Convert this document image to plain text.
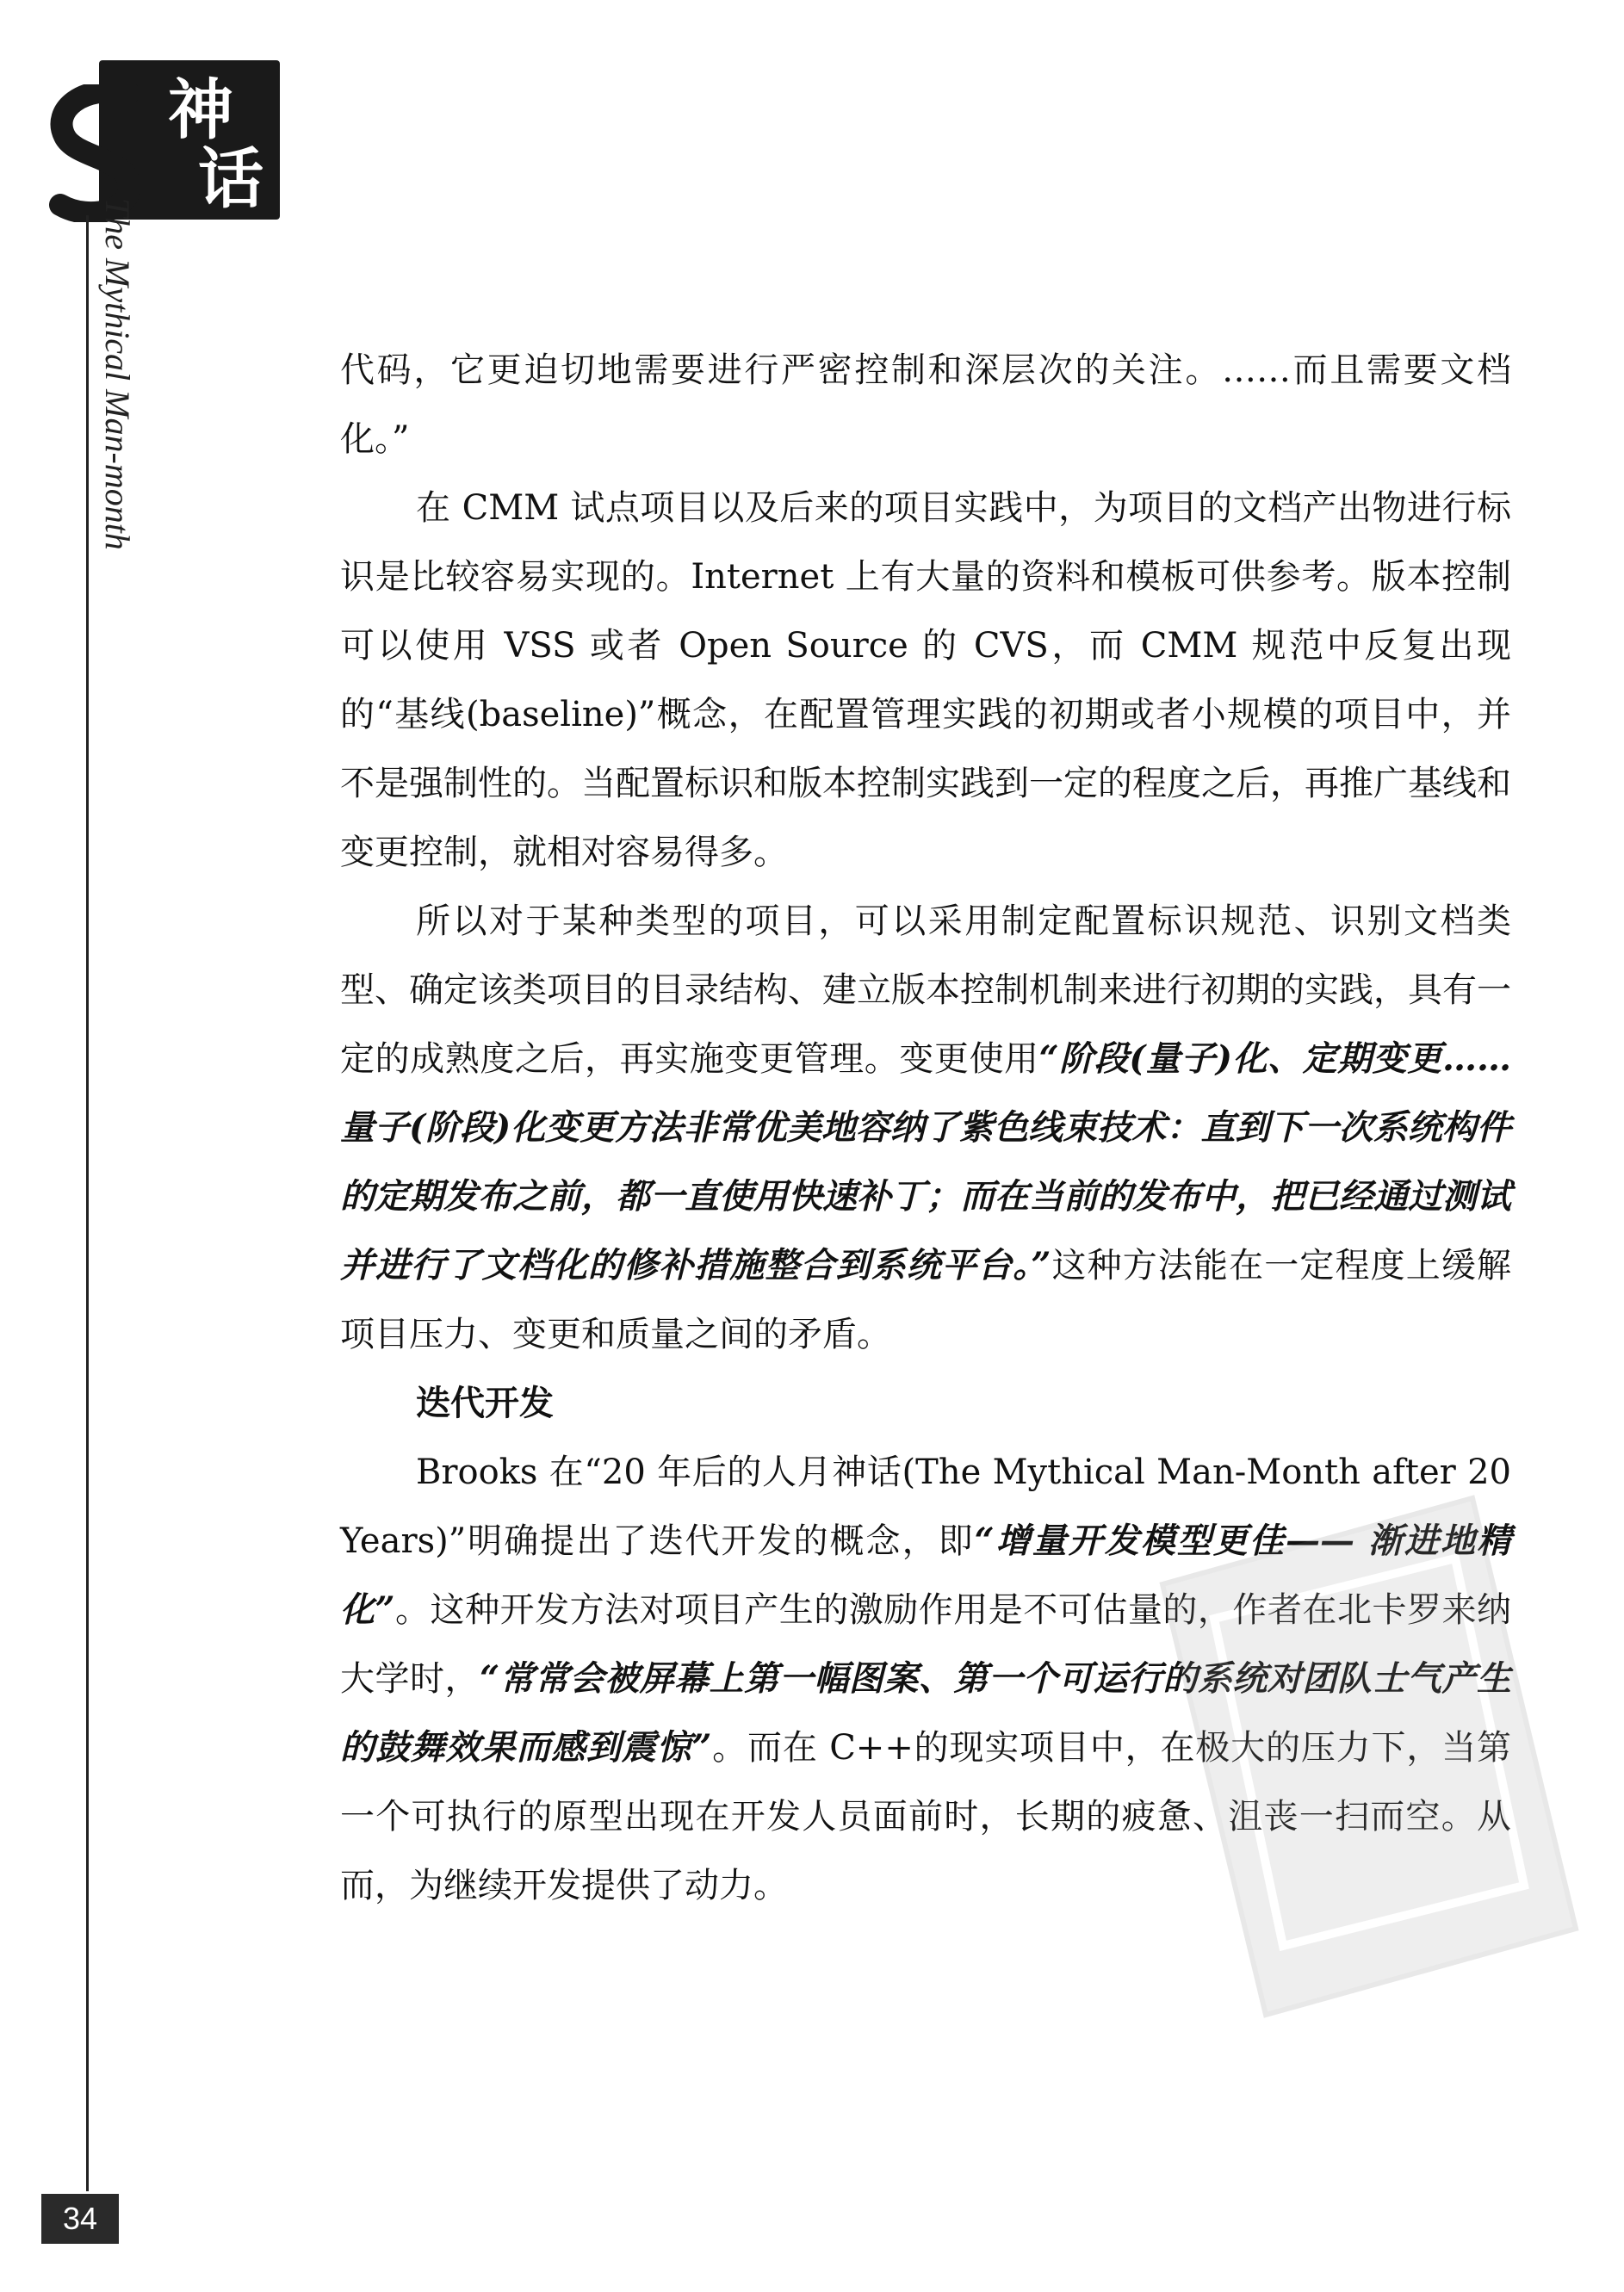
神
话
The Mythical Man-month	代码，它更迫切地需要进行严密控制和深层次的关注。……而且需要文档化。”

在 CMM 试点项目以及后来的项目实践中，为项目的文档产出物进行标识是比较容易实现的。Internet 上有大量的资料和模板可供参考。版本控制可以使用 VSS 或者 Open Source 的 CVS，而 CMM 规范中反复出现的“基线(baseline)”概念，在配置管理实践的初期或者小规模的项目中，并不是强制性的。当配置标识和版本控制实践到一定的程度之后，再推广基线和变更控制，就相对容易得多。

所以对于某种类型的项目，可以采用制定配置标识规范、识别文档类型、确定该类项目的目录结构、建立版本控制机制来进行初期的实践，具有一定的成熟度之后，再实施变更管理。变更使用“阶段(量子)化、定期变更……量子(阶段)化变更方法非常优美地容纳了紫色线束技术：直到下一次系统构件的定期发布之前，都一直使用快速补丁；而在当前的发布中，把已经通过测试并进行了文档化的修补措施整合到系统平台。”这种方法能在一定程度上缓解项目压力、变更和质量之间的矛盾。

迭代开发

Brooks 在“20 年后的人月神话(The Mythical Man-Month after 20 Years)”明确提出了迭代开发的概念，即“增量开发模型更佳—— 渐进地精化”。这种开发方法对项目产生的激励作用是不可估量的，作者在北卡罗来纳大学时，“常常会被屏幕上第一幅图案、第一个可运行的系统对团队士气产生的鼓舞效果而感到震惊”。而在 C++的现实项目中，在极大的压力下，当第一个可执行的原型出现在开发人员面前时，长期的疲惫、沮丧一扫而空。从而，为继续开发提供了动力。

34
